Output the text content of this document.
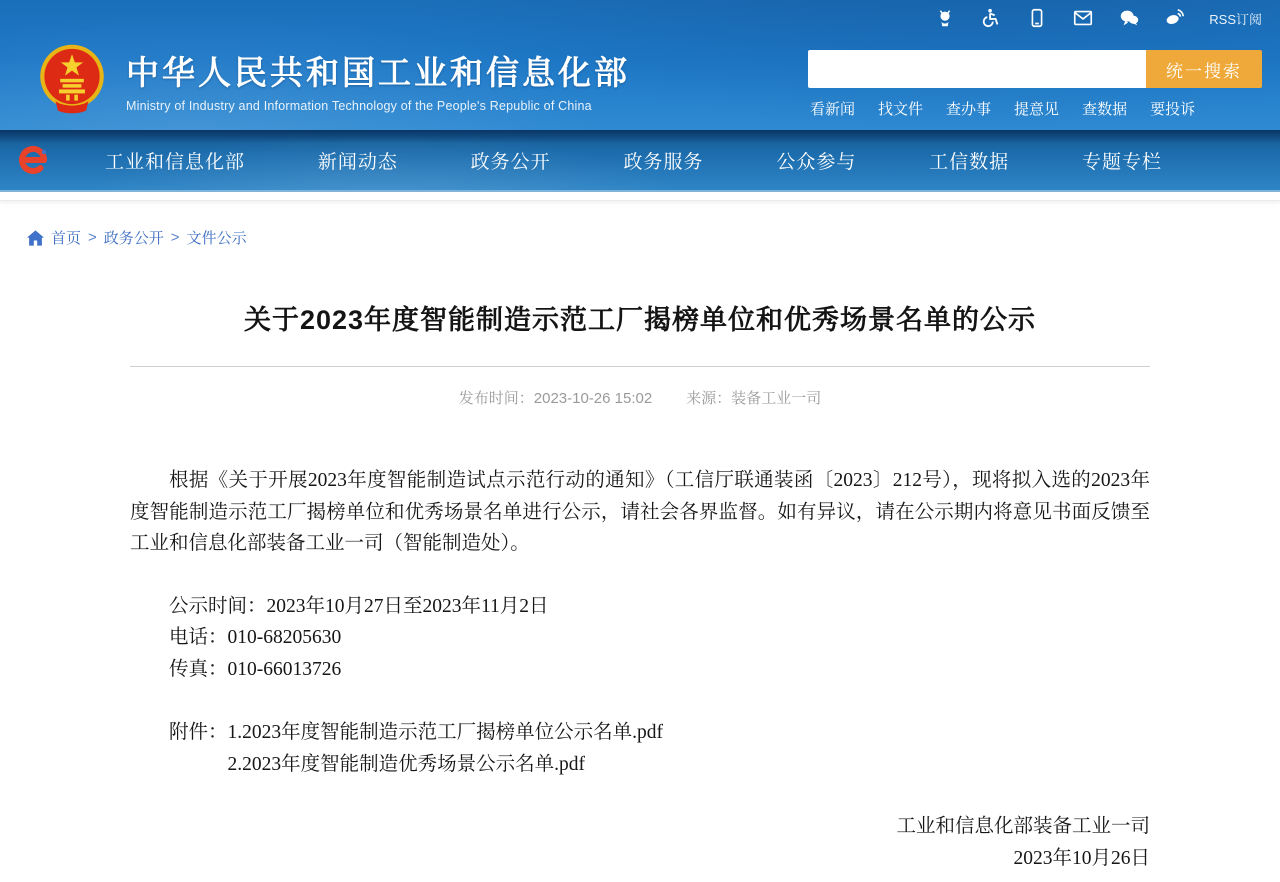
RSS订阅
中华人民共和国工业和信息化部
Ministry of Industry and Information Technology of the People's Republic of China
统一搜索
看新闻 找文件 查办事 提意见 查数据 要投诉
工业和信息化部	新闻动态	政务公开	政务服务	公众参与	工信数据	专题专栏
首页 > 政务公开 > 文件公示
关于2023年度智能制造示范工厂揭榜单位和优秀场景名单的公示
发布时间：2023-10-26 15:02 来源：装备工业一司

根据《关于开展2023年度智能制造试点示范行动的通知》（工信厅联通装函〔2023〕212号），现将拟入选的2023年度智能制造示范工厂揭榜单位和优秀场景名单进行公示，请社会各界监督。如有异议，请在公示期内将意见书面反馈至工业和信息化部装备工业一司（智能制造处）。

公示时间：2023年10月27日至2023年11月2日
电话：010-68205630
传真：010-66013726
附件： 1.2023年度智能制造示范工厂揭榜单位公示名单.pdf
2.2023年度智能制造优秀场景公示名单.pdf
工业和信息化部装备工业一司
2023年10月26日
